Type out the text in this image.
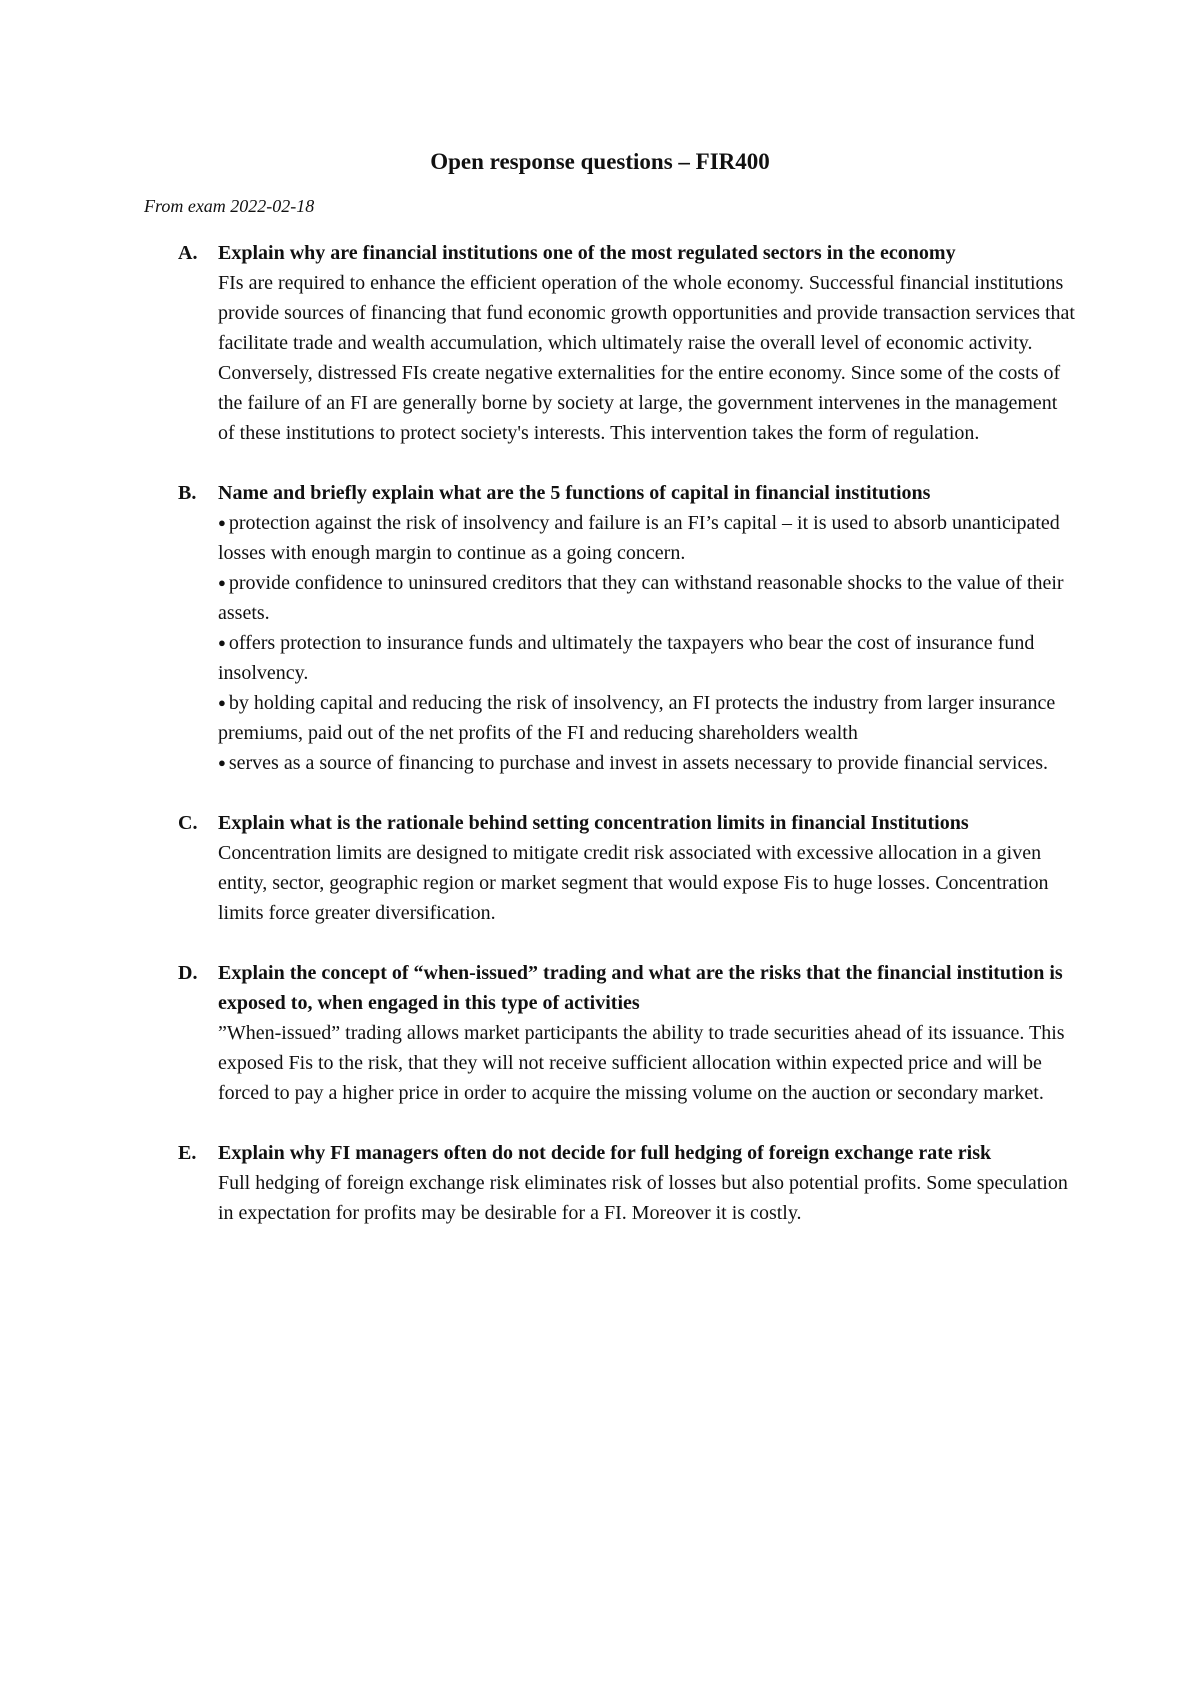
Open response questions – FIR400
From exam 2022-02-18
A. Explain why are financial institutions one of the most regulated sectors in the economy
FIs are required to enhance the efficient operation of the whole economy. Successful financial institutions provide sources of financing that fund economic growth opportunities and provide transaction services that facilitate trade and wealth accumulation, which ultimately raise the overall level of economic activity. Conversely, distressed FIs create negative externalities for the entire economy. Since some of the costs of the failure of an FI are generally borne by society at large, the government intervenes in the management of these institutions to protect society's interests. This intervention takes the form of regulation.
B. Name and briefly explain what are the 5 functions of capital in financial institutions
● protection against the risk of insolvency and failure is an FI’s capital – it is used to absorb unanticipated losses with enough margin to continue as a going concern.
● provide confidence to uninsured creditors that they can withstand reasonable shocks to the value of their assets.
● offers protection to insurance funds and ultimately the taxpayers who bear the cost of insurance fund insolvency.
● by holding capital and reducing the risk of insolvency, an FI protects the industry from larger insurance premiums, paid out of the net profits of the FI and reducing shareholders wealth
● serves as a source of financing to purchase and invest in assets necessary to provide financial services.
C. Explain what is the rationale behind setting concentration limits in financial Institutions
Concentration limits are designed to mitigate credit risk associated with excessive allocation in a given entity, sector, geographic region or market segment that would expose Fis to huge losses. Concentration limits force greater diversification.
D. Explain the concept of “when-issued” trading and what are the risks that the financial institution is exposed to, when engaged in this type of activities
”When-issued” trading allows market participants the ability to trade securities ahead of its issuance. This exposed Fis to the risk, that they will not receive sufficient allocation within expected price and will be forced to pay a higher price in order to acquire the missing volume on the auction or secondary market.
E. Explain why FI managers often do not decide for full hedging of foreign exchange rate risk
Full hedging of foreign exchange risk eliminates risk of losses but also potential profits. Some speculation in expectation for profits may be desirable for a FI. Moreover it is costly.
